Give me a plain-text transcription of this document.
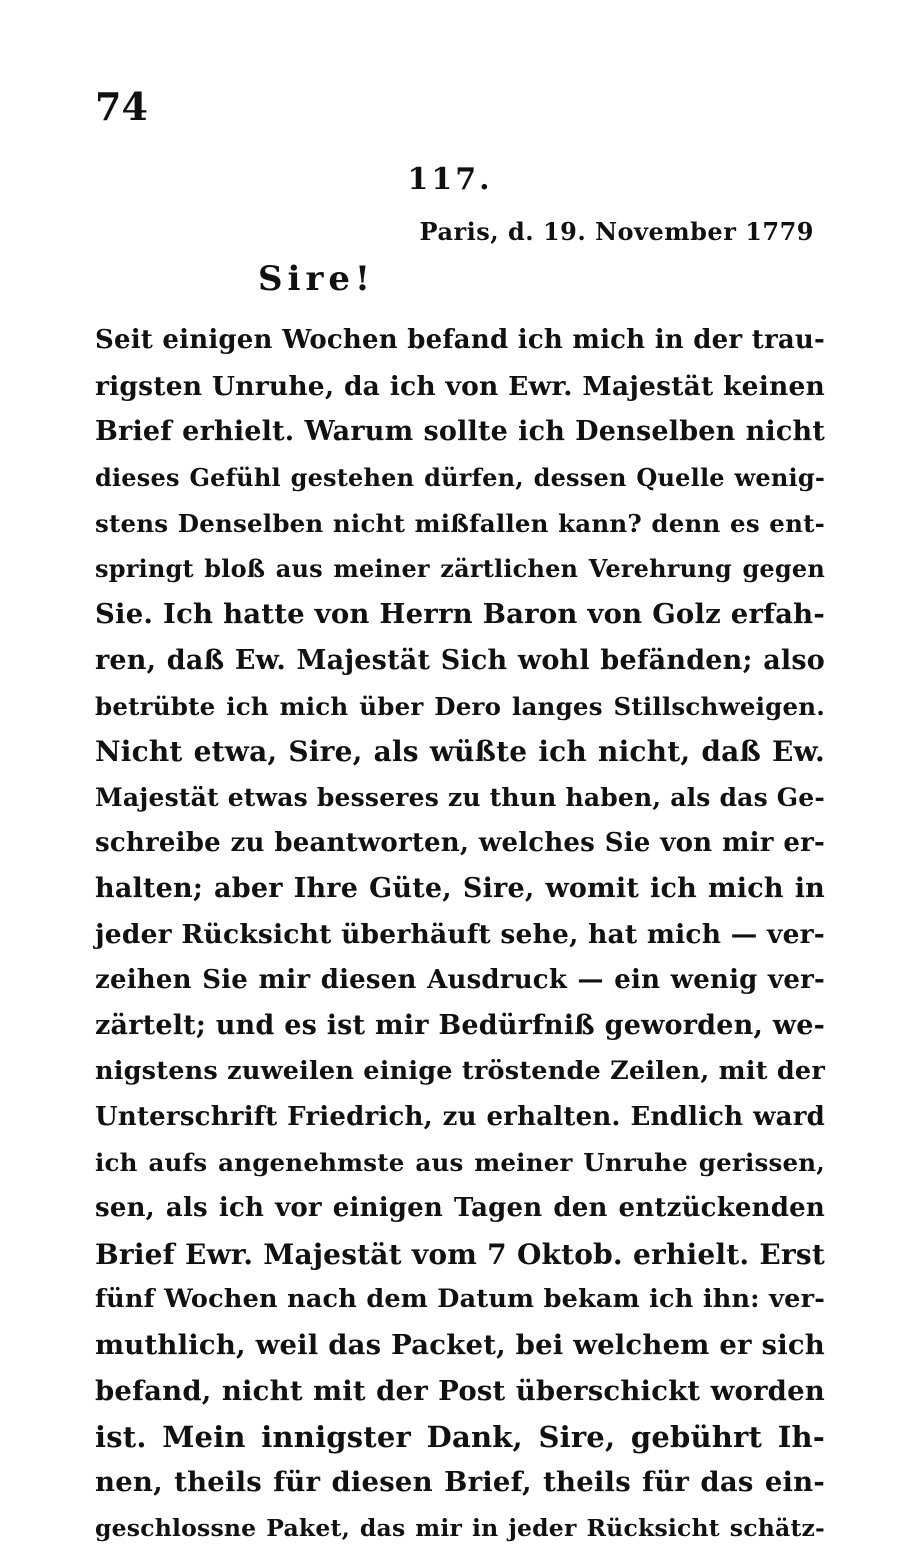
74
117.
Paris, d. 19. November 1779
Sire!
Seit einigen Wochen befand ich mich in der trau-
rigsten Unruhe, da ich von Ewr. Majestät keinen
Brief erhielt. Warum sollte ich Denselben nicht
dieses Gefühl gestehen dürfen, dessen Quelle wenig-
stens Denselben nicht mißfallen kann? denn es ent-
springt bloß aus meiner zärtlichen Verehrung gegen
Sie. Ich hatte von Herrn Baron von Golz erfah-
ren, daß Ew. Majestät Sich wohl befänden; also
betrübte ich mich über Dero langes Stillschweigen.
Nicht etwa, Sire, als wüßte ich nicht, daß Ew.
Majestät etwas besseres zu thun haben, als das Ge-
schreibe zu beantworten, welches Sie von mir er-
halten; aber Ihre Güte, Sire, womit ich mich in
jeder Rücksicht überhäuft sehe, hat mich — ver-
zeihen Sie mir diesen Ausdruck — ein wenig ver-
zärtelt; und es ist mir Bedürfniß geworden, we-
nigstens zuweilen einige tröstende Zeilen, mit der
Unterschrift Friedrich, zu erhalten. Endlich ward
ich aufs angenehmste aus meiner Unruhe gerissen,
sen, als ich vor einigen Tagen den entzückenden
Brief Ewr. Majestät vom 7 Oktob. erhielt. Erst
fünf Wochen nach dem Datum bekam ich ihn: ver-
muthlich, weil das Packet, bei welchem er sich
befand, nicht mit der Post überschickt worden
ist. Mein innigster Dank, Sire, gebührt Ih-
nen, theils für diesen Brief, theils für das ein-
geschlossne Paket, das mir in jeder Rücksicht schätz-
